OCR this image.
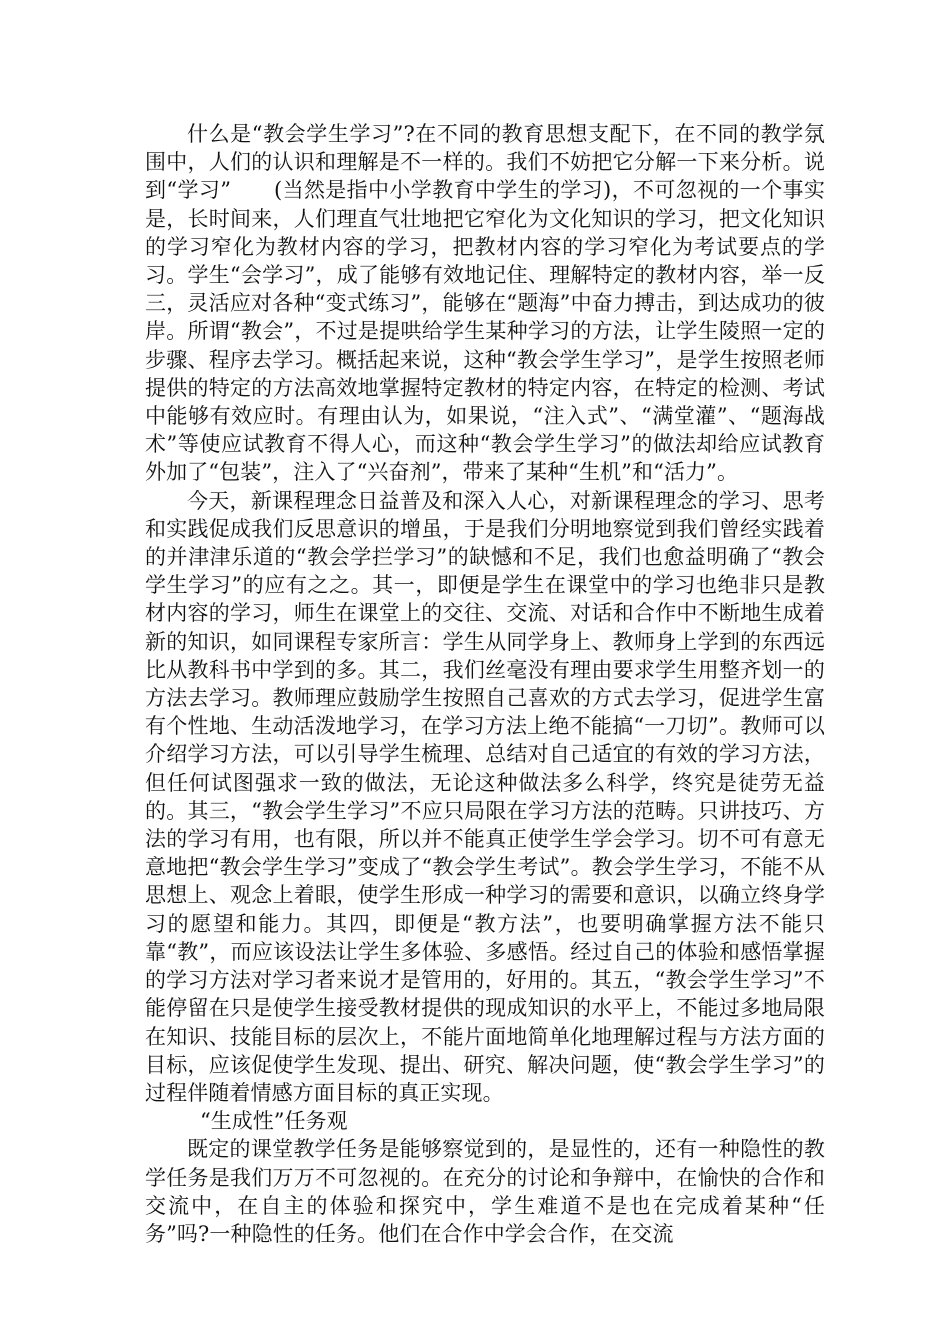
什么是“教会学生学习”?在不同的教育思想支配下，在不同的教学氛围中，人们的认识和理解是不一样的。我们不妨把它分解一下来分析。说到“学习”　　(当然是指中小学教育中学生的学习)，不可忽视的一个事实是，长时间来，人们理直气壮地把它窄化为文化知识的学习，把文化知识的学习窄化为教材内容的学习，把教材内容的学习窄化为考试要点的学习。学生“会学习”，成了能够有效地记住、理解特定的教材内容，举一反三，灵活应对各种“变式练习”，能够在“题海”中奋力搏击，到达成功的彼岸。所谓“教会”，不过是提哄给学生某种学习的方法，让学生陵照一定的步骤、程序去学习。概括起来说，这种“教会学生学习”，是学生按照老师提供的特定的方法高效地掌握特定教材的特定内容，在特定的检测、考试中能够有效应时。有理由认为，如果说，“注入式”、“满堂灌”、“题海战术”等使应试教育不得人心，而这种“教会学生学习”的做法却给应试教育外加了“包装”，注入了“兴奋剂”，带来了某种“生机”和“活力”。

今天，新课程理念日益普及和深入人心，对新课程理念的学习、思考和实践促成我们反思意识的增虽，于是我们分明地察觉到我们曾经实践着的并津津乐道的“教会学拦学习”的缺憾和不足，我们也愈益明确了“教会学生学习”的应有之之。其一，即便是学生在课堂中的学习也绝非只是教材内容的学习，师生在课堂上的交往、交流、对话和合作中不断地生成着新的知识，如同课程专家所言：学生从同学身上、教师身上学到的东西远比从教科书中学到的多。其二，我们丝毫没有理由要求学生用整齐划一的方法去学习。教师理应鼓励学生按照自己喜欢的方式去学习，促进学生富有个性地、生动活泼地学习，在学习方法上绝不能搞“一刀切”。教师可以介绍学习方法，可以引导学生梳理、总结对自己适宜的有效的学习方法，但任何试图强求一致的做法，无论这种做法多么科学，终究是徒劳无益的。其三，“教会学生学习”不应只局限在学习方法的范畴。只讲技巧、方法的学习有用，也有限，所以并不能真正使学生学会学习。切不可有意无意地把“教会学生学习”变成了“教会学生考试”。教会学生学习，不能不从思想上、观念上着眼，使学生形成一种学习的需要和意识，以确立终身学习的愿望和能力。其四，即便是“教方法”，也要明确掌握方法不能只靠“教”，而应该设法让学生多体验、多感悟。经过自己的体验和感悟掌握的学习方法对学习者来说才是管用的，好用的。其五，“教会学生学习”不能停留在只是使学生接受教材提供的现成知识的水平上，不能过多地局限在知识、技能目标的层次上，不能片面地简单化地理解过程与方法方面的目标，应该促使学生发现、提出、研究、解决问题，使“教会学生学习”的过程伴随着情感方面目标的真正实现。

“生成性”任务观

既定的课堂教学任务是能够察觉到的，是显性的，还有一种隐性的教学任务是我们万万不可忽视的。在充分的讨论和争辩中，在愉快的合作和交流中，在自主的体验和探究中，学生难道不是也在完成着某种“任务”吗?一种隐性的任务。他们在合作中学会合作，在交流
